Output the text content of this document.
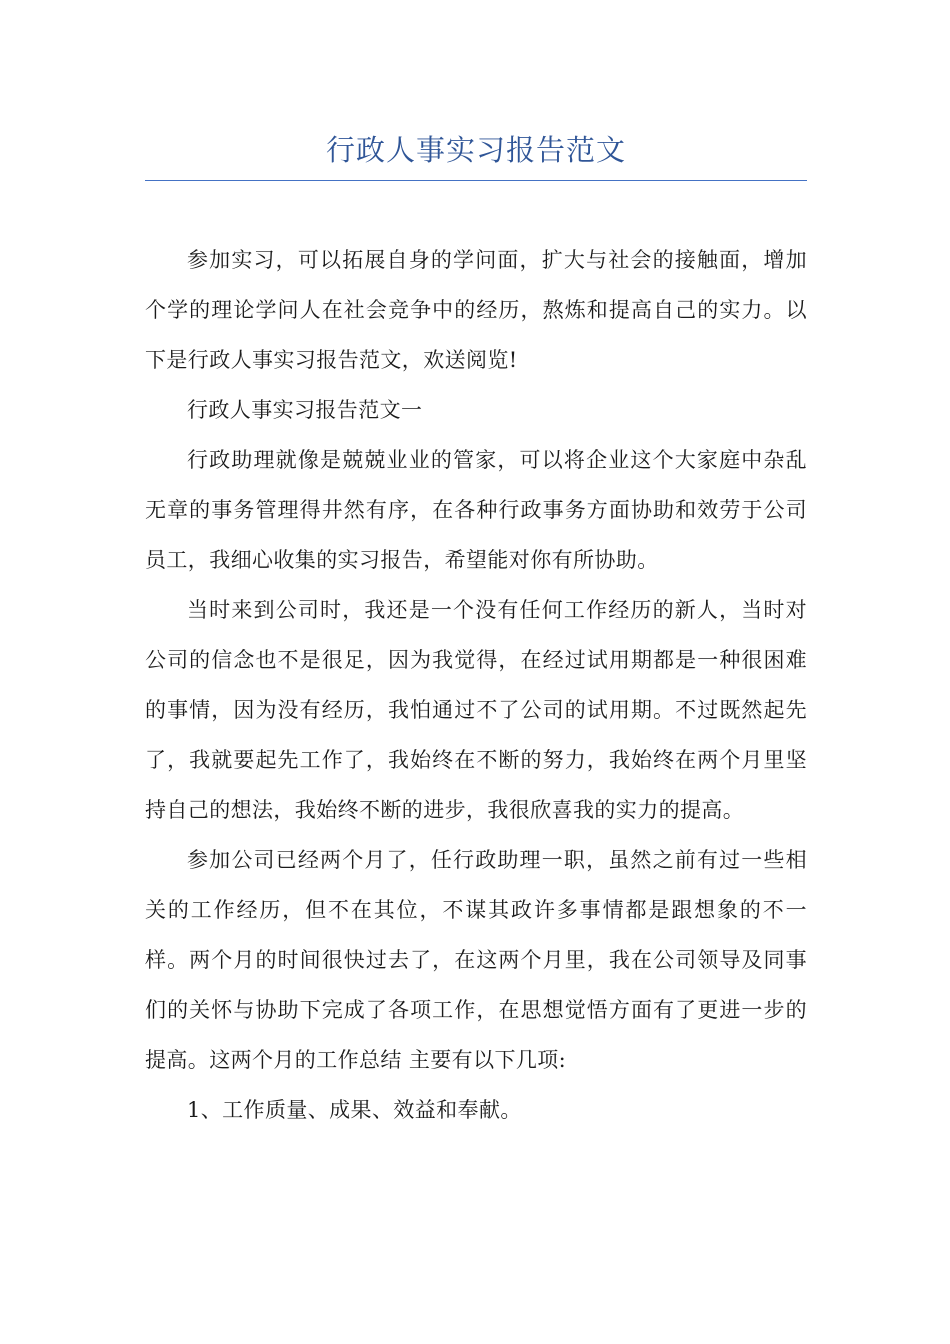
行政人事实习报告范文

参加实习，可以拓展自身的学问面，扩大与社会的接触面，增加个学的理论学问人在社会竞争中的经历，熬炼和提高自己的实力。以下是行政人事实习报告范文，欢送阅览!

行政人事实习报告范文一

行政助理就像是兢兢业业的管家，可以将企业这个大家庭中杂乱无章的事务管理得井然有序，在各种行政事务方面协助和效劳于公司员工，我细心收集的实习报告，希望能对你有所协助。

当时来到公司时，我还是一个没有任何工作经历的新人，当时对公司的信念也不是很足，因为我觉得，在经过试用期都是一种很困难的事情，因为没有经历，我怕通过不了公司的试用期。不过既然起先了，我就要起先工作了，我始终在不断的努力，我始终在两个月里坚持自己的想法，我始终不断的进步，我很欣喜我的实力的提高。

参加公司已经两个月了，任行政助理一职，虽然之前有过一些相关的工作经历，但不在其位，不谋其政许多事情都是跟想象的不一样。两个月的时间很快过去了，在这两个月里，我在公司领导及同事们的关怀与协助下完成了各项工作，在思想觉悟方面有了更进一步的提高。这两个月的工作总结 主要有以下几项:

1、工作质量、成果、效益和奉献。
